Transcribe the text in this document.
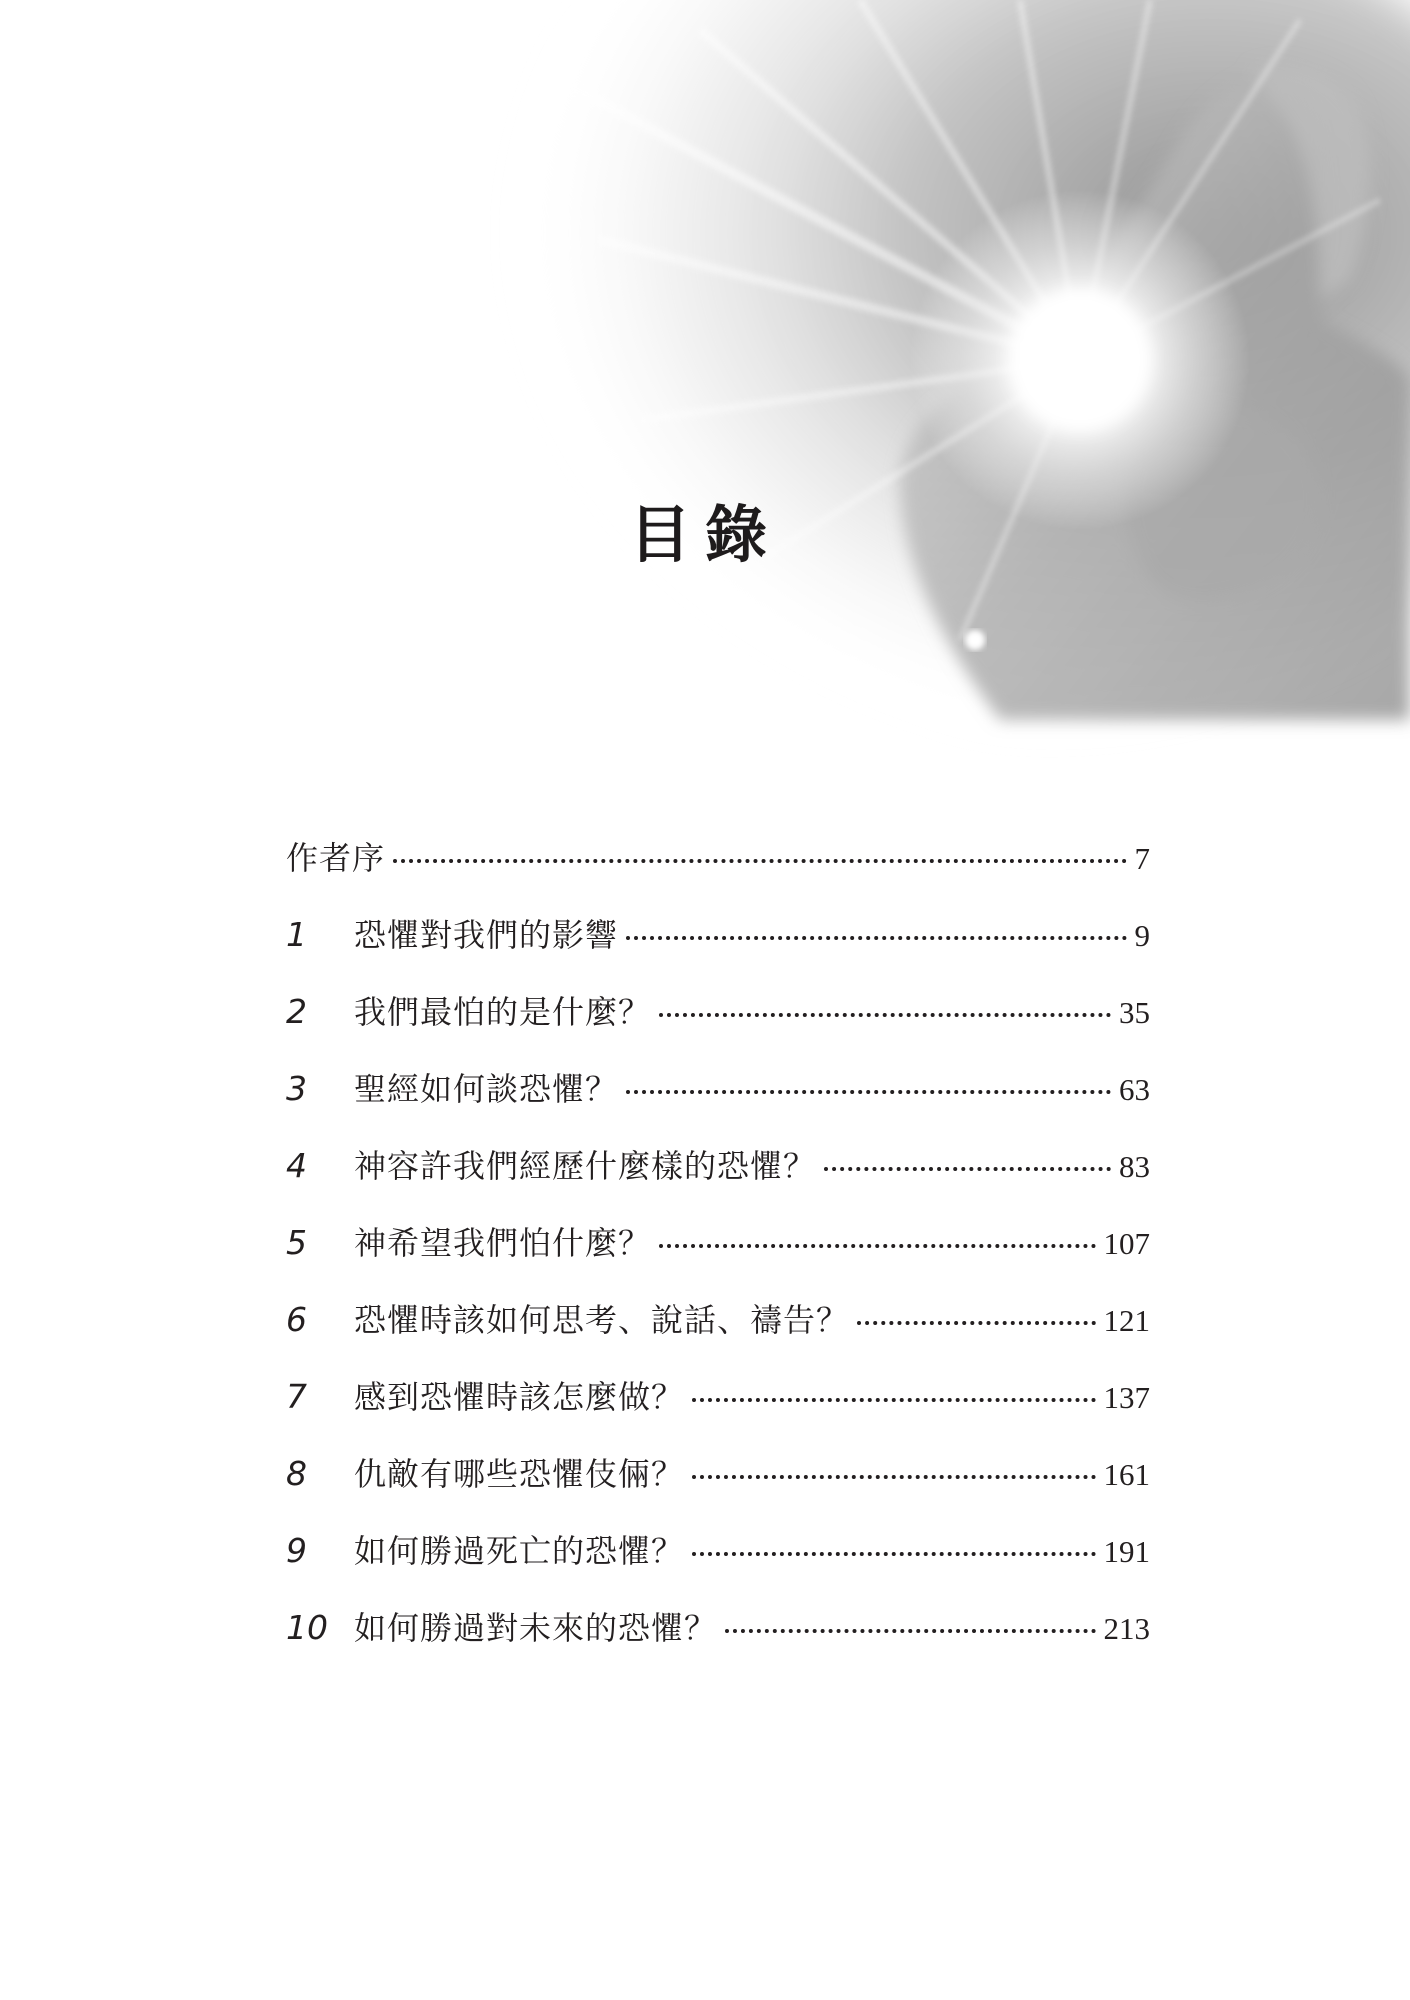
目錄
作者序	7
1	恐懼對我們的影響	9
2	我們最怕的是什麼？	35
3	聖經如何談恐懼？	63
4	神容許我們經歷什麼樣的恐懼？	83
5	神希望我們怕什麼？	107
6	恐懼時該如何思考、說話、禱告？	121
7	感到恐懼時該怎麼做？	137
8	仇敵有哪些恐懼伎倆？	161
9	如何勝過死亡的恐懼？	191
10 如何勝過對未來的恐懼？	213
